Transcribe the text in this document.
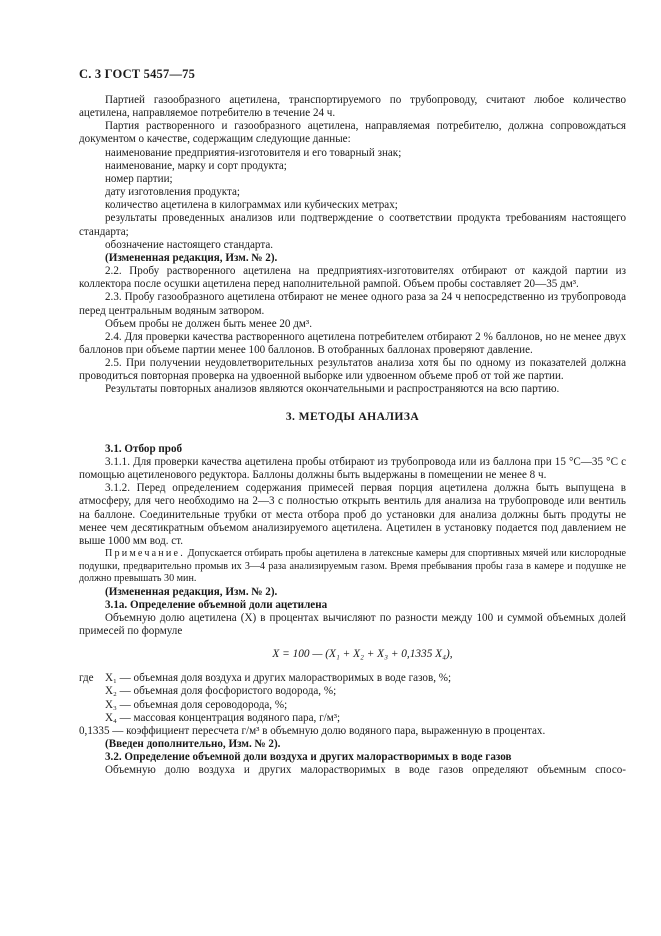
С. 3 ГОСТ 5457—75

Партией газообразного ацетилена, транспортируемого по трубопроводу, считают любое количество ацетилена, направляемое потребителю в течение 24 ч.

Партия растворенного и газообразного ацетилена, направляемая потребителю, должна сопровождаться документом о качестве, содержащим следующие данные:

наименование предприятия-изготовителя и его товарный знак;

наименование, марку и сорт продукта;

номер партии;

дату изготовления продукта;

количество ацетилена в килограммах или кубических метрах;

результаты проведенных анализов или подтверждение о соответствии продукта требованиям настоящего стандарта;

обозначение настоящего стандарта.

(Измененная редакция, Изм. № 2).

2.2. Пробу растворенного ацетилена на предприятиях-изготовителях отбирают от каждой партии из коллектора после осушки ацетилена перед наполнительной рампой. Объем пробы составляет 20—35 дм³.

2.3. Пробу газообразного ацетилена отбирают не менее одного раза за 24 ч непосредственно из трубопровода перед центральным водяным затвором.

Объем пробы не должен быть менее 20 дм³.

2.4. Для проверки качества растворенного ацетилена потребителем отбирают 2 % баллонов, но не менее двух баллонов при объеме партии менее 100 баллонов. В отобранных баллонах проверяют давление.

2.5. При получении неудовлетворительных результатов анализа хотя бы по одному из показателей должна проводиться повторная проверка на удвоенной выборке или удвоенном объеме проб от той же партии.

Результаты повторных анализов являются окончательными и распространяются на всю партию.

3. МЕТОДЫ АНАЛИЗА

3.1. Отбор проб

3.1.1. Для проверки качества ацетилена пробы отбирают из трубопровода или из баллона при 15 °С—35 °С с помощью ацетиленового редуктора. Баллоны должны быть выдержаны в помещении не менее 8 ч.

3.1.2. Перед определением содержания примесей первая порция ацетилена должна быть выпущена в атмосферу, для чего необходимо на 2—3 с полностью открыть вентиль для анализа на трубопроводе или вентиль на баллоне. Соединительные трубки от места отбора проб до установки для анализа должны быть продуты не менее чем десятикратным объемом анализируемого ацетилена. Ацетилен в установку подается под давлением не выше 1000 мм вод. ст.

Примечание. Допускается отбирать пробы ацетилена в латексные камеры для спортивных мячей или кислородные подушки, предварительно промыв их 3—4 раза анализируемым газом. Время пребывания пробы газа в камере и подушке не должно превышать 30 мин.

(Измененная редакция, Изм. № 2).

3.1а. Определение объемной доли ацетилена

Объемную долю ацетилена (X) в процентах вычисляют по разности между 100 и суммой объемных долей примесей по формуле

X = 100 — (X₁ + X₂ + X₃ + 0,1335 X₄),
где	X₁ — объемная доля воздуха и других малорастворимых в воде газов, %;
X₂ — объемная доля фосфористого водорода, %;
X₃ — объемная доля сероводорода, %;
X₄ — массовая концентрация водяного пара, г/м³;
0,1335 — коэффициент пересчета г/м³ в объемную долю водяного пара, выраженную в процентах.

(Введен дополнительно, Изм. № 2).

3.2. Определение объемной доли воздуха и других малорастворимых в воде газов

Объемную долю воздуха и других малорастворимых в воде газов определяют объемным спосо-
